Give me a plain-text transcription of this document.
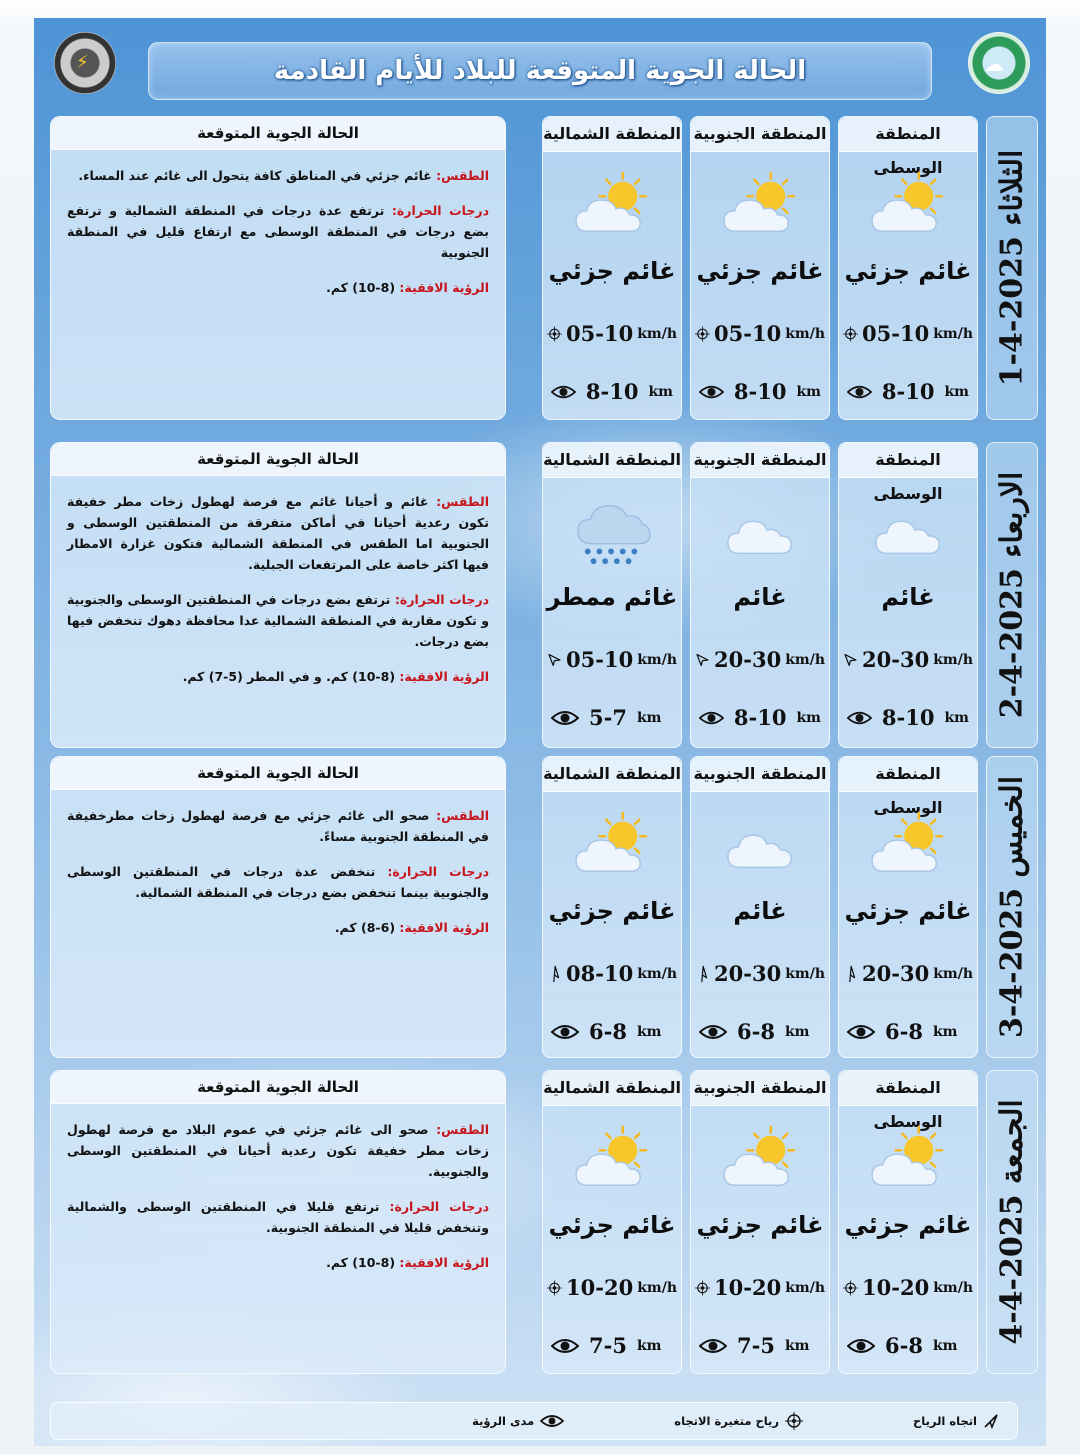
☁
⚡	الحالة الجوية المتوقعة للبلاد للأيام القادمة
الثلاثاء 2025-4-1
المنطقة الوسطى
غائم جزئي
05-10 km/h
8-10 km
المنطقة الجنوبية
غائم جزئي
05-10 km/h
8-10 km
المنطقة الشمالية
غائم جزئي
05-10 km/h
8-10 km
الحالة الجوية المتوقعة

الطقس: غائم جزئي في المناطق كافة يتحول الى غائم عند المساء.

درجات الحرارة: ترتفع عدة درجات في المنطقة الشمالية و ترتفع بضع درجات في المنطقة الوسطى مع ارتفاع قليل في المنطقة الجنوبية

الرؤية الافقية: (8-10) كم.

الاربعاء 2025-4-2
المنطقة الوسطى
غائم
20-30 km/h
8-10 km
المنطقة الجنوبية
غائم
20-30 km/h
8-10 km
المنطقة الشمالية
غائم ممطر
05-10 km/h
5-7 km
الحالة الجوية المتوقعة

الطقس: غائم و أحيانا غائم مع فرصة لهطول زخات مطر خفيفة تكون رعدية أحيانا في أماكن متفرقة من المنطقتين الوسطى و الجنوبية اما الطقس في المنطقة الشمالية فتكون غزارة الامطار فيها اكثر خاصة على المرتفعات الجبلية.

درجات الحرارة: ترتفع بضع درجات في المنطقتين الوسطى والجنوبية و تكون مقاربة في المنطقة الشمالية عدا محافظة دهوك تنخفض فيها بضع درجات.

الرؤية الافقية: (8-10) كم. و في المطر (5-7) كم.

الخميس 2025-4-3
المنطقة الوسطى
غائم جزئي
20-30 km/h
6-8 km
المنطقة الجنوبية
غائم
20-30 km/h
6-8 km
المنطقة الشمالية
غائم جزئي
08-10 km/h
6-8 km
الحالة الجوية المتوقعة

الطقس: صحو الى غائم جزئي مع فرصة لهطول زخات مطرخفيفة في المنطقة الجنوبية مساءً.

درجات الحرارة: تنخفض عدة درجات في المنطقتين الوسطى والجنوبية بينما تنخفض بضع درجات في المنطقة الشمالية.

الرؤية الافقية: (6-8) كم.

الجمعة 2025-4-4
المنطقة الوسطى
غائم جزئي
10-20 km/h
6-8 km
المنطقة الجنوبية
غائم جزئي
10-20 km/h
7-5 km
المنطقة الشمالية
غائم جزئي
10-20 km/h
7-5 km
الحالة الجوية المتوقعة

الطقس: صحو الى غائم جزئي في عموم البلاد مع فرصة لهطول زخات مطر خفيفة تكون رعدية أحيانا في المنطقتين الوسطى والجنوبية.

درجات الحرارة: ترتفع قليلا في المنطقتين الوسطى والشمالية وتنخفض قليلا في المنطقة الجنوبية.

الرؤية الافقية: (8-10) كم.

اتجاه الرياح
رياح متغيرة الاتجاه
مدى الرؤية
